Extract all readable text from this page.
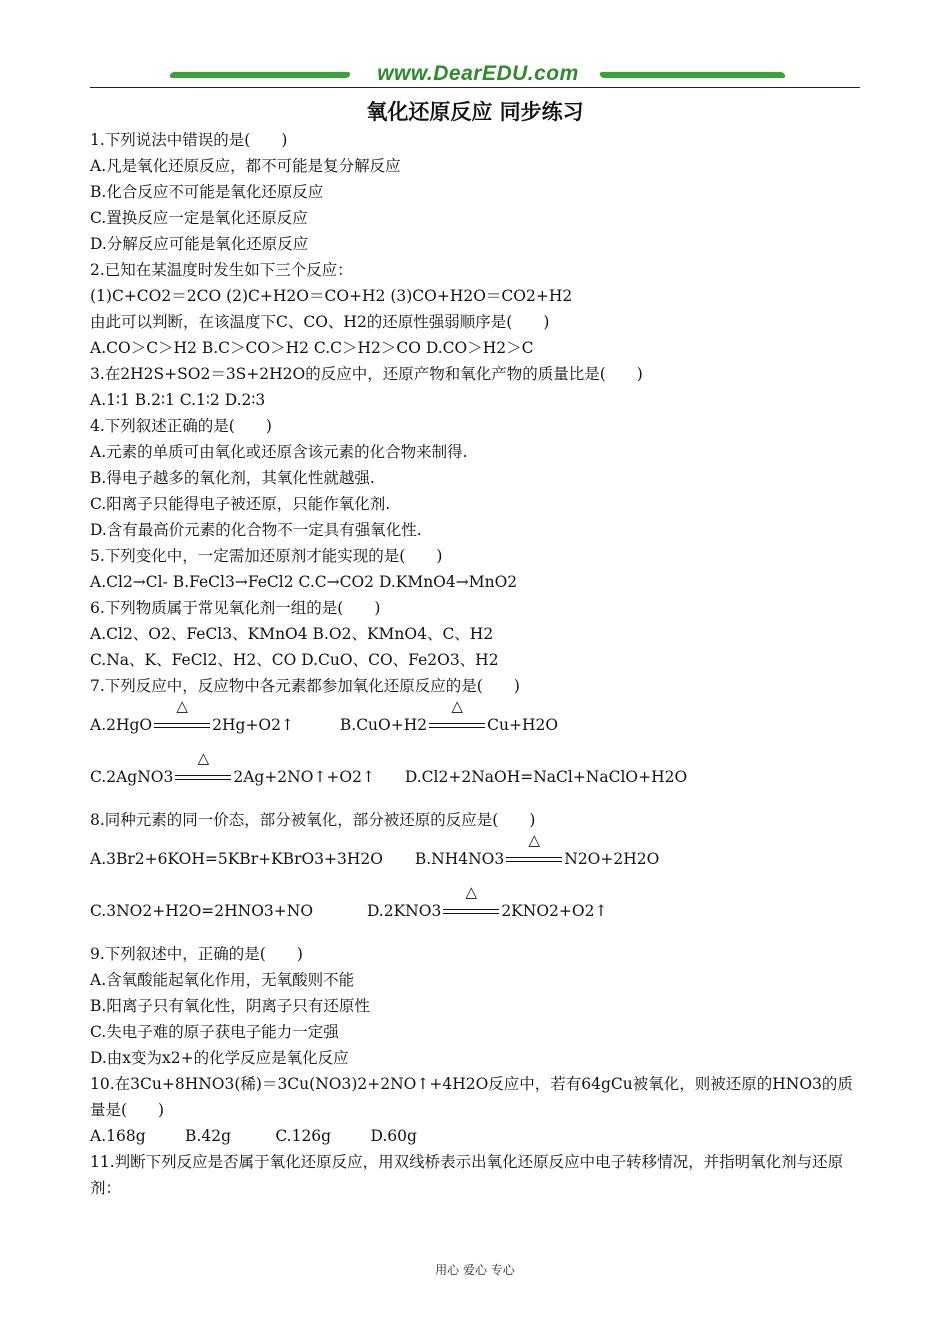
www.DearEDU.com
氧化还原反应 同步练习
1.下列说法中错误的是(　　)
A.凡是氧化还原反应，都不可能是复分解反应
B.化合反应不可能是氧化还原反应
C.置换反应一定是氧化还原反应
D.分解反应可能是氧化还原反应
2.已知在某温度时发生如下三个反应：
(1)C+CO2＝2CO (2)C+H2O＝CO+H2 (3)CO+H2O＝CO2+H2
由此可以判断，在该温度下C、CO、H2的还原性强弱顺序是(　　)
A.CO＞C＞H2 B.C＞CO＞H2 C.C＞H2＞CO D.CO＞H2＞C
3.在2H2S+SO2＝3S+2H2O的反应中，还原产物和氧化产物的质量比是(　　)
A.1∶1 B.2∶1 C.1∶2 D.2∶3
4.下列叙述正确的是(　　)
A.元素的单质可由氧化或还原含该元素的化合物来制得.
B.得电子越多的氧化剂，其氧化性就越强.
C.阳离子只能得电子被还原，只能作氧化剂.
D.含有最高价元素的化合物不一定具有强氧化性.
5.下列变化中，一定需加还原剂才能实现的是(　　)
A.Cl2→Cl- B.FeCl3→FeCl2 C.C→CO2 D.KMnO4→MnO2
6.下列物质属于常见氧化剂一组的是(　　)
A.Cl2、O2、FeCl3、KMnO4 B.O2、KMnO4、C、H2
C.Na、K、FeCl2、H2、CO D.CuO、CO、Fe2O3、H2
7.下列反应中，反应物中各元素都参加氧化还原反应的是(　　)
A.2HgO
△
2Hg+O2↑	B.CuO+H2
△
Cu+H2O
C.2AgNO3
△
2Ag+2NO↑+O2↑ D.Cl2+2NaOH=NaCl+NaClO+H2O
8.同种元素的同一价态，部分被氧化，部分被还原的反应是(　　)
A.3Br2+6KOH=5KBr+KBrO3+3H2O B.NH4NO3
△
N2O+2H2O
C.3NO2+H2O=2HNO3+NO	D.2KNO3
△
2KNO2+O2↑
9.下列叙述中，正确的是(　　)
A.含氧酸能起氧化作用，无氧酸则不能
B.阳离子只有氧化性，阴离子只有还原性
C.失电子难的原子获电子能力一定强
D.由x变为x2+的化学反应是氧化反应
10.在3Cu+8HNO3(稀)＝3Cu(NO3)2+2NO↑+4H2O反应中，若有64gCu被氧化，则被还原的HNO3的质量是(　　)
A.168g        B.42g         C.126g        D.60g
11.判断下列反应是否属于氧化还原反应，用双线桥表示出氧化还原反应中电子转移情况，并指明氧化剂与还原剂：
用心 爱心 专心
